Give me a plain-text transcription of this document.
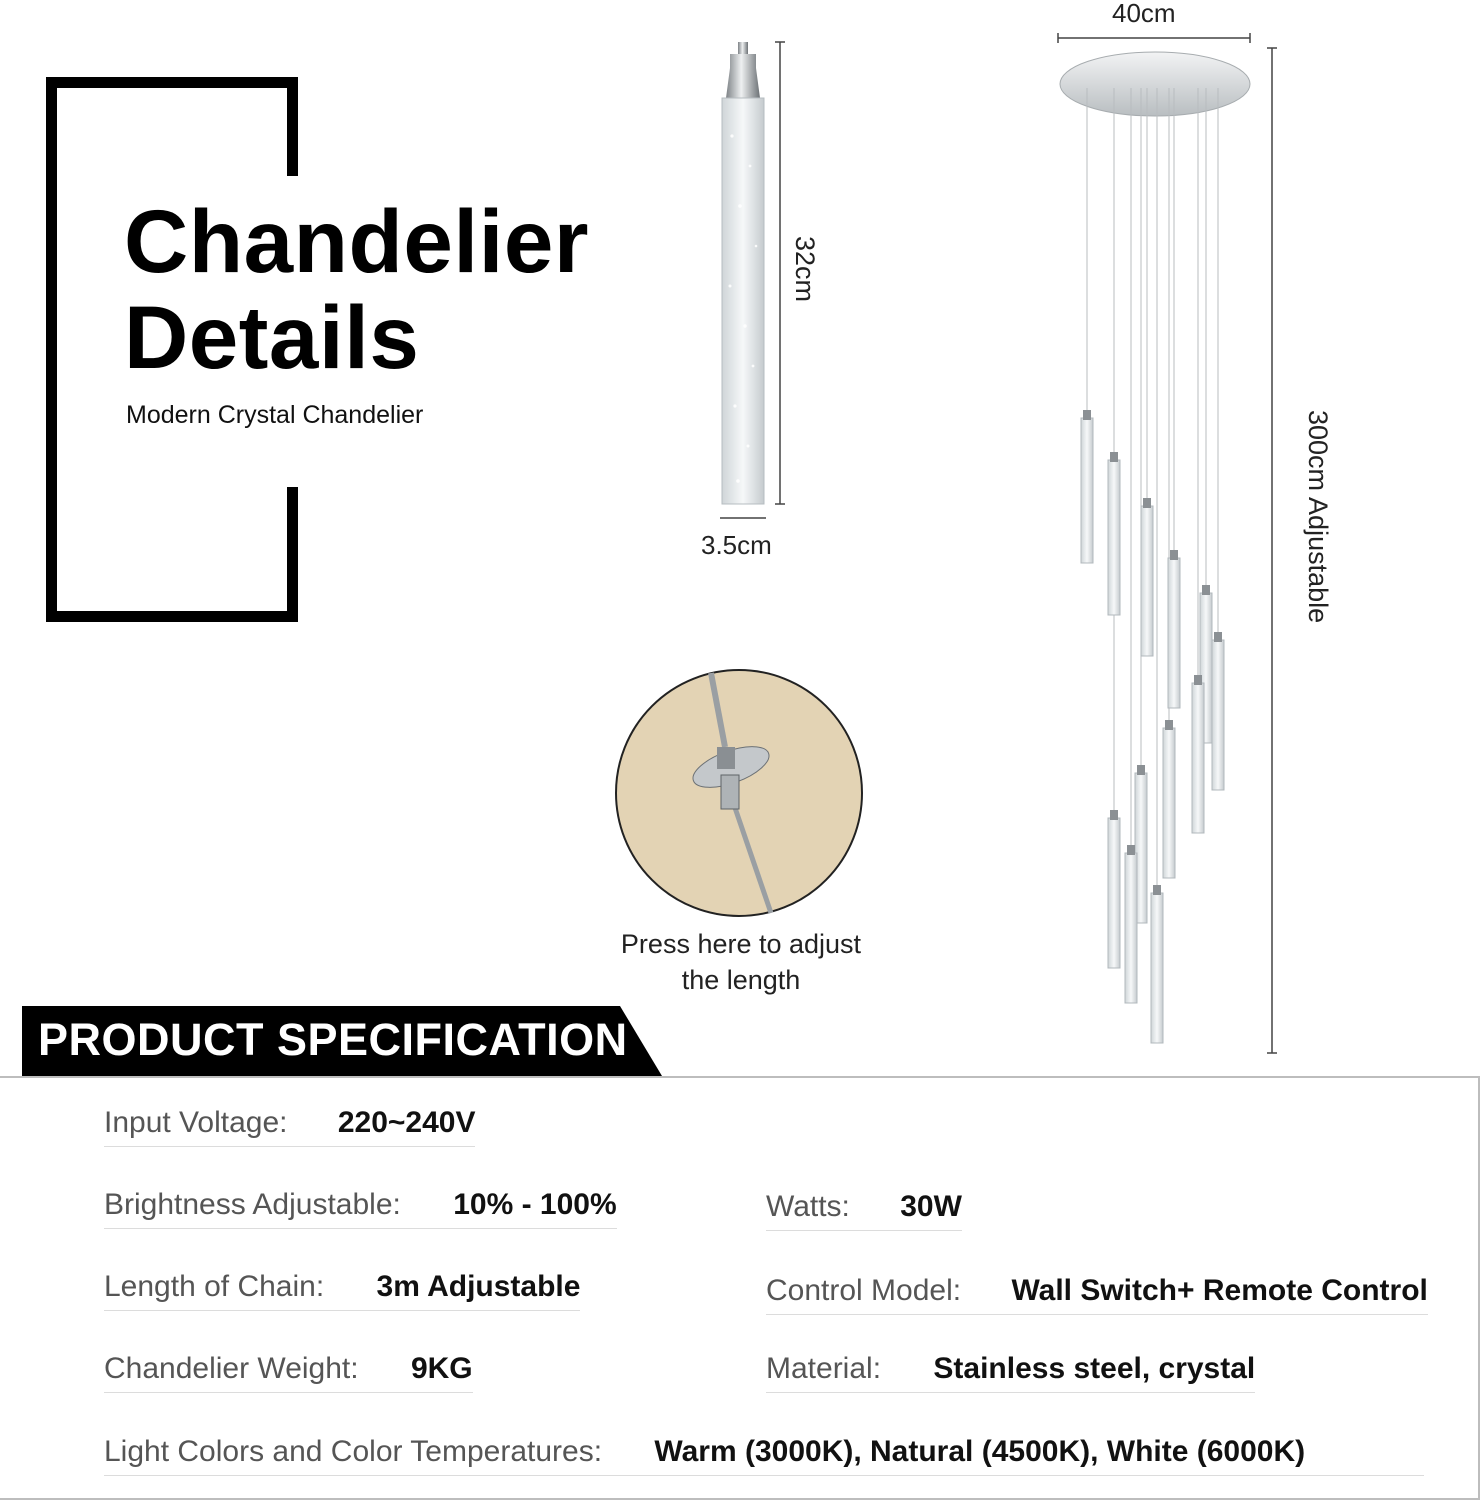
Chandelier
Details
Modern Crystal Chandelier
32cm
3.5cm
Press here to adjust
the length
40cm
300cm Adjustable
PRODUCT SPECIFICATION
Input Voltage: 220~240V
Brightness Adjustable: 10% - 100%	Watts: 30W
Length of Chain: 3m Adjustable	Control Model: Wall Switch+ Remote Control
Chandelier Weight: 9KG	Material: Stainless steel, crystal
Light Colors and Color Temperatures: Warm (3000K), Natural (4500K), White (6000K)
